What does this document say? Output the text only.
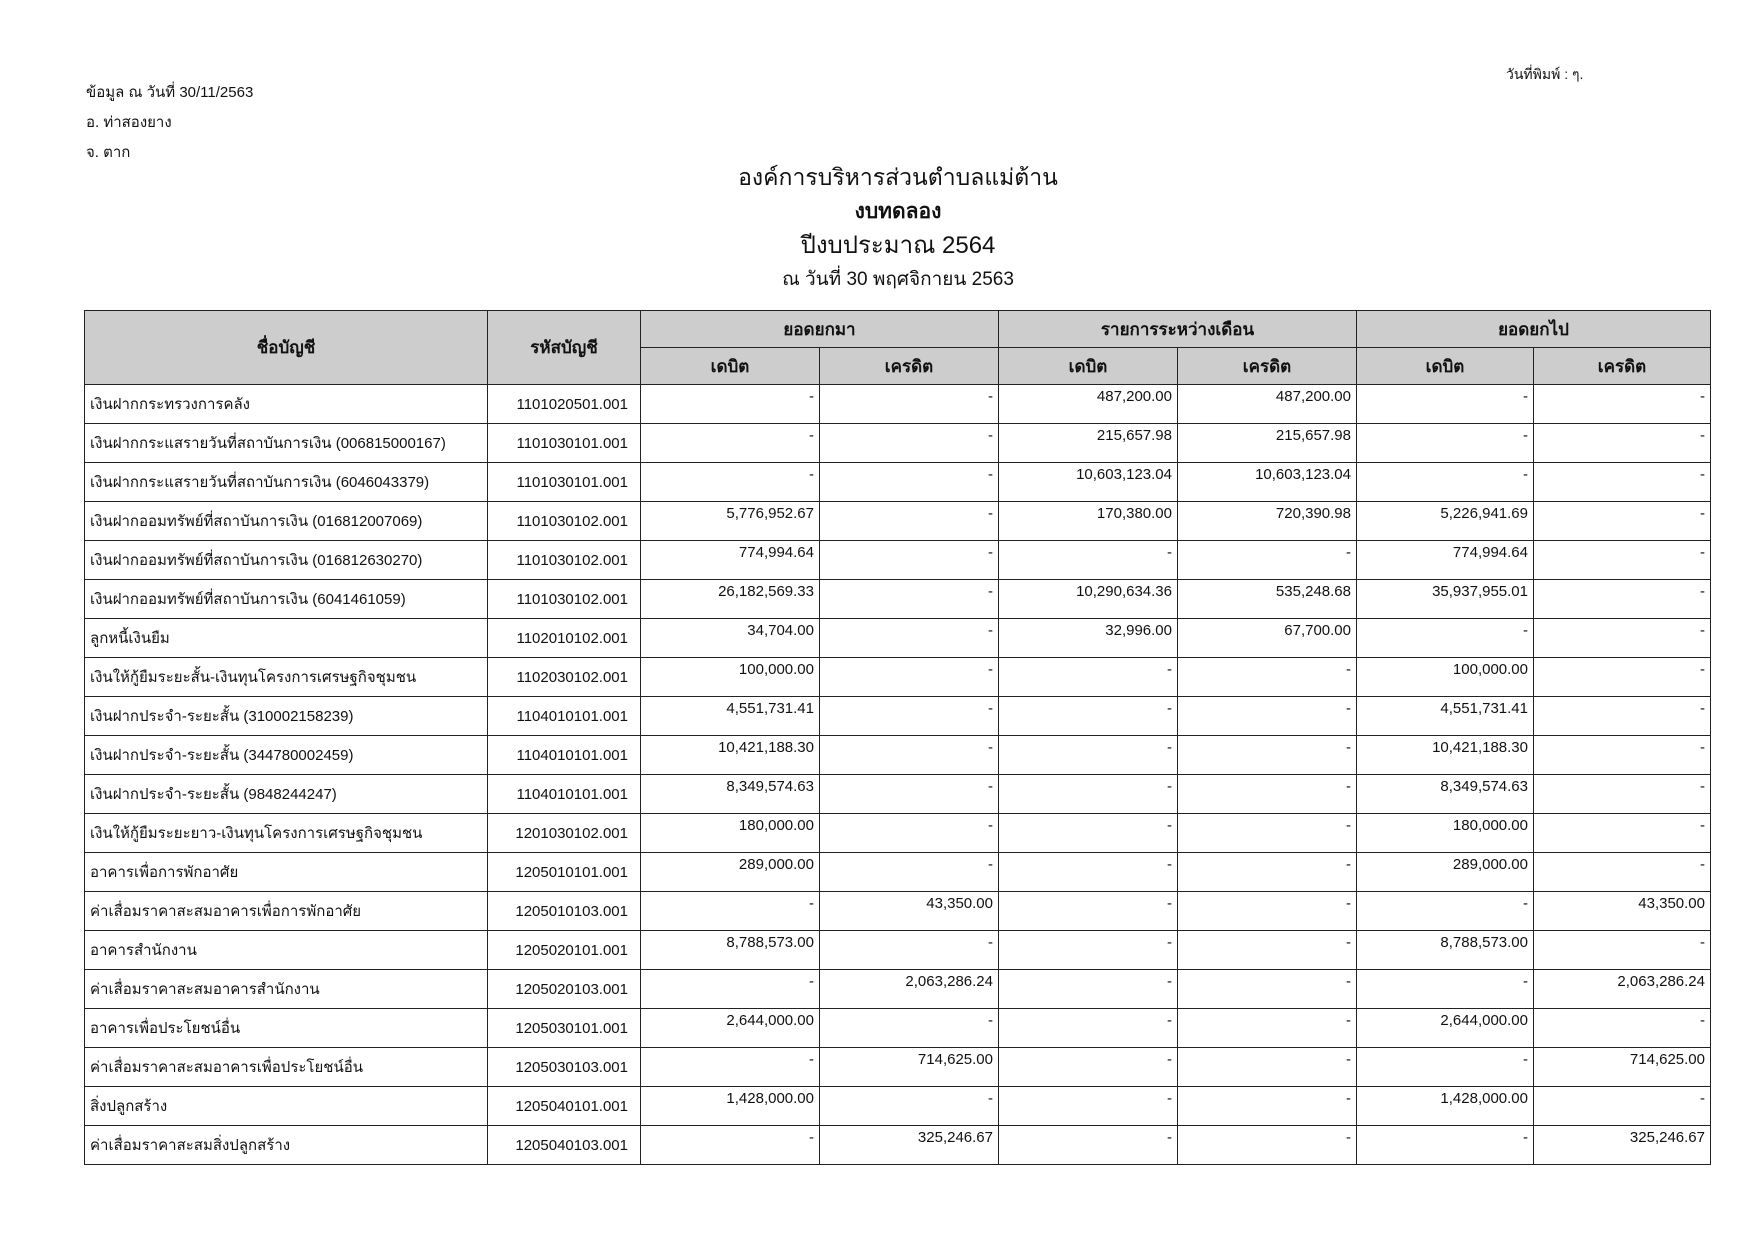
ข้อมูล ณ วันที่ 30/11/2563
อ. ท่าสองยาง
จ. ตาก
วันที่พิมพ์ : ๆ.
องค์การบริหารส่วนตำบลแม่ต้าน
งบทดลอง
ปีงบประมาณ 2564
ณ วันที่ 30 พฤศจิกายน 2563
ชื่อบัญชี	รหัสบัญชี	ยอดยกมา		รายการระหว่างเดือน		ยอดยกไป	
		เดบิต	เครดิต	เดบิต	เครดิต	เดบิต	เครดิต
เงินฝากกระทรวงการคลัง	1101020501.001	-	-	487,200.00	487,200.00	-	-
เงินฝากกระแสรายวันที่สถาบันการเงิน (006815000167)	1101030101.001	-	-	215,657.98	215,657.98	-	-
เงินฝากกระแสรายวันที่สถาบันการเงิน (6046043379)	1101030101.001	-	-	10,603,123.04	10,603,123.04	-	-
เงินฝากออมทรัพย์ที่สถาบันการเงิน (016812007069)	1101030102.001	5,776,952.67	-	170,380.00	720,390.98	5,226,941.69	-
เงินฝากออมทรัพย์ที่สถาบันการเงิน (016812630270)	1101030102.001	774,994.64	-	-	-	774,994.64	-
เงินฝากออมทรัพย์ที่สถาบันการเงิน (6041461059)	1101030102.001	26,182,569.33	-	10,290,634.36	535,248.68	35,937,955.01	-
ลูกหนี้เงินยืม	1102010102.001	34,704.00	-	32,996.00	67,700.00	-	-
เงินให้กู้ยืมระยะสั้น-เงินทุนโครงการเศรษฐกิจชุมชน	1102030102.001	100,000.00	-	-	-	100,000.00	-
เงินฝากประจำ-ระยะสั้น (310002158239)	1104010101.001	4,551,731.41	-	-	-	4,551,731.41	-
เงินฝากประจำ-ระยะสั้น (344780002459)	1104010101.001	10,421,188.30	-	-	-	10,421,188.30	-
เงินฝากประจำ-ระยะสั้น (9848244247)	1104010101.001	8,349,574.63	-	-	-	8,349,574.63	-
เงินให้กู้ยืมระยะยาว-เงินทุนโครงการเศรษฐกิจชุมชน	1201030102.001	180,000.00	-	-	-	180,000.00	-
อาคารเพื่อการพักอาศัย	1205010101.001	289,000.00	-	-	-	289,000.00	-
ค่าเสื่อมราคาสะสมอาคารเพื่อการพักอาศัย	1205010103.001	-	43,350.00	-	-	-	43,350.00
อาคารสำนักงาน	1205020101.001	8,788,573.00	-	-	-	8,788,573.00	-
ค่าเสื่อมราคาสะสมอาคารสำนักงาน	1205020103.001	-	2,063,286.24	-	-	-	2,063,286.24
อาคารเพื่อประโยชน์อื่น	1205030101.001	2,644,000.00	-	-	-	2,644,000.00	-
ค่าเสื่อมราคาสะสมอาคารเพื่อประโยชน์อื่น	1205030103.001	-	714,625.00	-	-	-	714,625.00
สิ่งปลูกสร้าง	1205040101.001	1,428,000.00	-	-	-	1,428,000.00	-
ค่าเสื่อมราคาสะสมสิ่งปลูกสร้าง	1205040103.001	-	325,246.67	-	-	-	325,246.67
